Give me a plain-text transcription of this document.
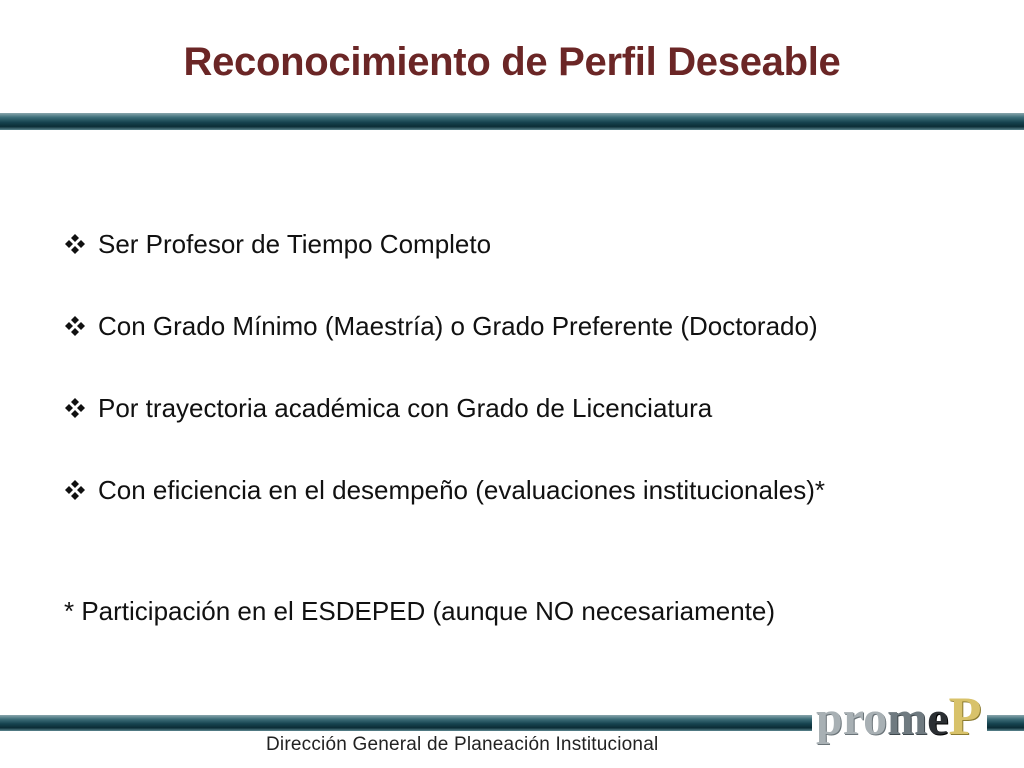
Reconocimiento de Perfil Deseable
Ser Profesor de Tiempo Completo
Con Grado Mínimo (Maestría) o Grado Preferente (Doctorado)
Por trayectoria académica con Grado de Licenciatura
Con eficiencia en el desempeño (evaluaciones institucionales)*
* Participación en el ESDEPED (aunque NO necesariamente)
Dirección General de Planeación Institucional	promeP
